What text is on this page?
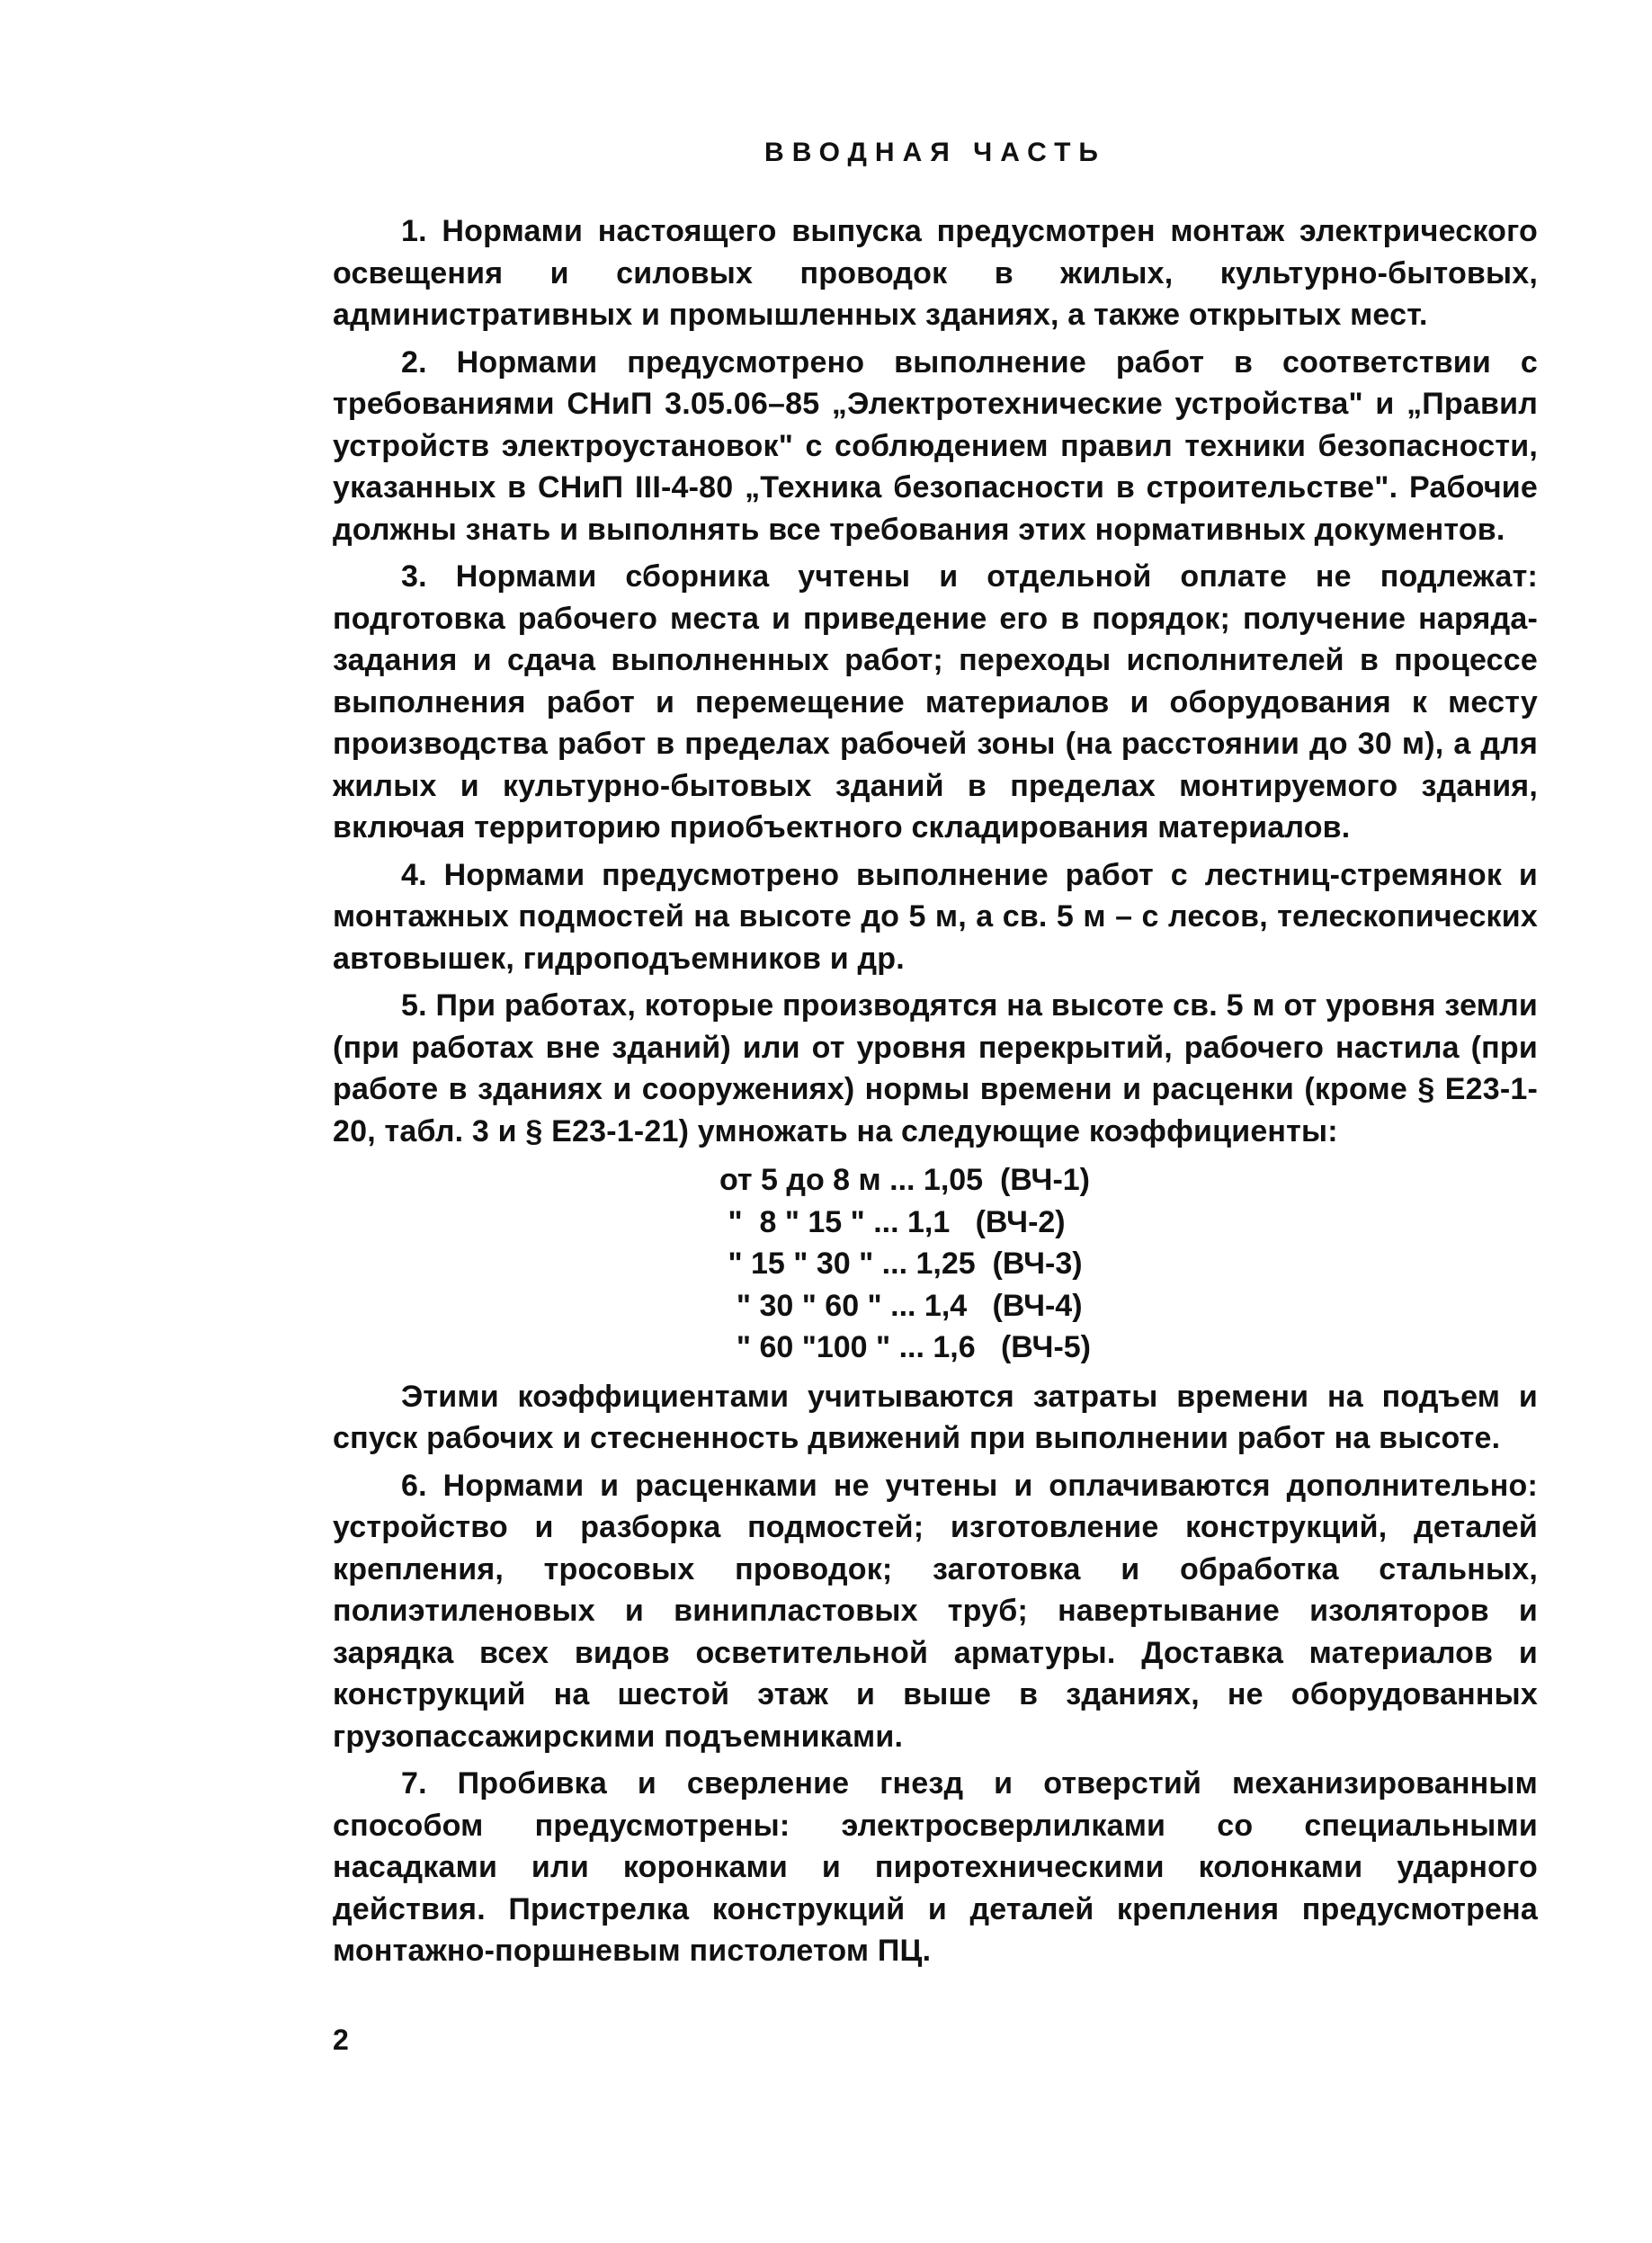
ВВОДНАЯ ЧАСТЬ

1. Нормами настоящего выпуска предусмотрен монтаж электрического освещения и силовых проводок в жилых, культурно-бытовых, административных и промышленных зданиях, а также открытых мест.

2. Нормами предусмотрено выполнение работ в соответствии с требованиями СНиП 3.05.06–85 „Электротехнические устройства" и „Правил устройств электроустановок" с соблюдением правил техники безопасности, указанных в СНиП III-4-80 „Техника безопасности в строительстве". Рабочие должны знать и выполнять все требования этих нормативных документов.

3. Нормами сборника учтены и отдельной оплате не подлежат: подготовка рабочего места и приведение его в порядок; получение наряда-задания и сдача выполненных работ; переходы исполнителей в процессе выполнения работ и перемещение материалов и оборудования к месту производства работ в пределах рабочей зоны (на расстоянии до 30 м), а для жилых и культурно-бытовых зданий в пределах монтируемого здания, включая территорию приобъектного складирования материалов.

4. Нормами предусмотрено выполнение работ с лестниц-стремянок и монтажных подмостей на высоте до 5 м, а св. 5 м – с лесов, телескопических автовышек, гидроподъемников и др.

5. При работах, которые производятся на высоте св. 5 м от уровня земли (при работах вне зданий) или от уровня перекрытий, рабочего настила (при работе в зданиях и сооружениях) нормы времени и расценки (кроме § Е23-1-20, табл. 3 и § Е23-1-21) умножать на следующие коэффициенты:

от 5 до 8 м ... 1,05  (ВЧ-1)
"  8 " 15 " ... 1,1   (ВЧ-2)
" 15 " 30 " ... 1,25  (ВЧ-3)
" 30 " 60 " ... 1,4   (ВЧ-4)
" 60 "100 " ... 1,6   (ВЧ-5)

Этими коэффициентами учитываются затраты времени на подъем и спуск рабочих и стесненность движений при выполнении работ на высоте.

6. Нормами и расценками не учтены и оплачиваются дополнительно: устройство и разборка подмостей; изготовление конструкций, деталей крепления, тросовых проводок; заготовка и обработка стальных, полиэтиленовых и винипластовых труб; навертывание изоляторов и зарядка всех видов осветительной арматуры. Доставка материалов и конструкций на шестой этаж и выше в зданиях, не оборудованных грузопассажирскими подъемниками.

7. Пробивка и сверление гнезд и отверстий механизированным способом предусмотрены: электросверлилками со специальными насадками или коронками и пиротехническими колонками ударного действия. Пристрелка конструкций и деталей крепления предусмотрена монтажно-поршневым пистолетом ПЦ.

2
